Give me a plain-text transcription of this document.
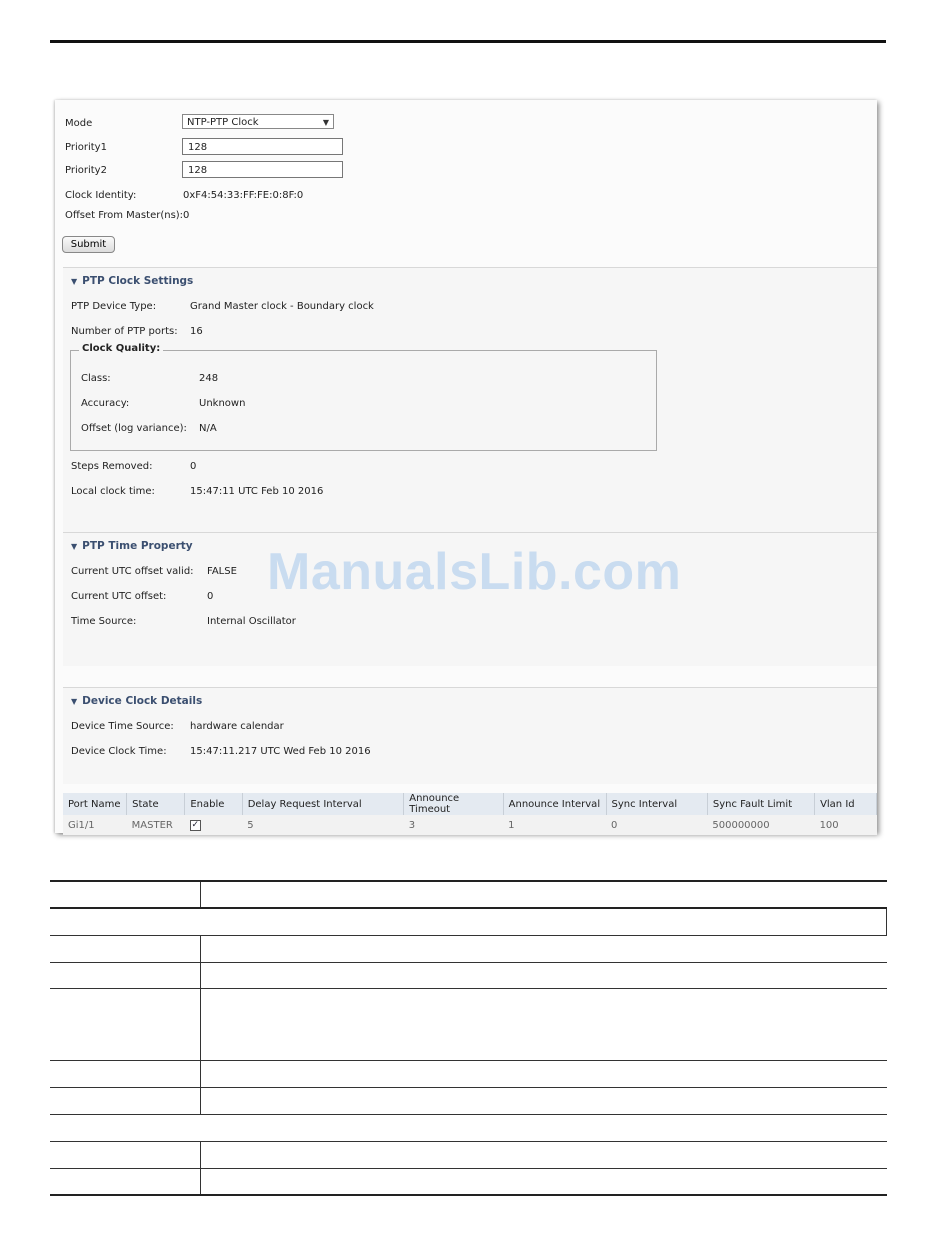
Mode	NTP-PTP Clock	▼
Priority1	128
Priority2	128
Clock Identity:	0xF4:54:33:FF:FE:0:8F:0
Offset From Master(ns): 0
Submit
▼ PTP Clock Settings
PTP Device Type:	Grand Master clock - Boundary clock
Number of PTP ports: 16
Clock Quality:
Class:	248
Accuracy:	Unknown
Offset (log variance): N/A
Steps Removed:	0
Local clock time:	15:47:11 UTC Feb 10 2016
▼ PTP Time Property
Current UTC offset valid: FALSE
Current UTC offset:	0
Time Source:	Internal Oscillator
▼ Device Clock Details
Device Time Source: hardware calendar
Device Clock Time: 15:47:11.217 UTC Wed Feb 10 2016
Port Name	State	Enable	Delay Request Interval	Announce Timeout	Announce Interval	Sync Interval	Sync Fault Limit	Vlan Id
Gi1/1	MASTER	✓	5	3	1	0	500000000	100
ManualsLib.com
